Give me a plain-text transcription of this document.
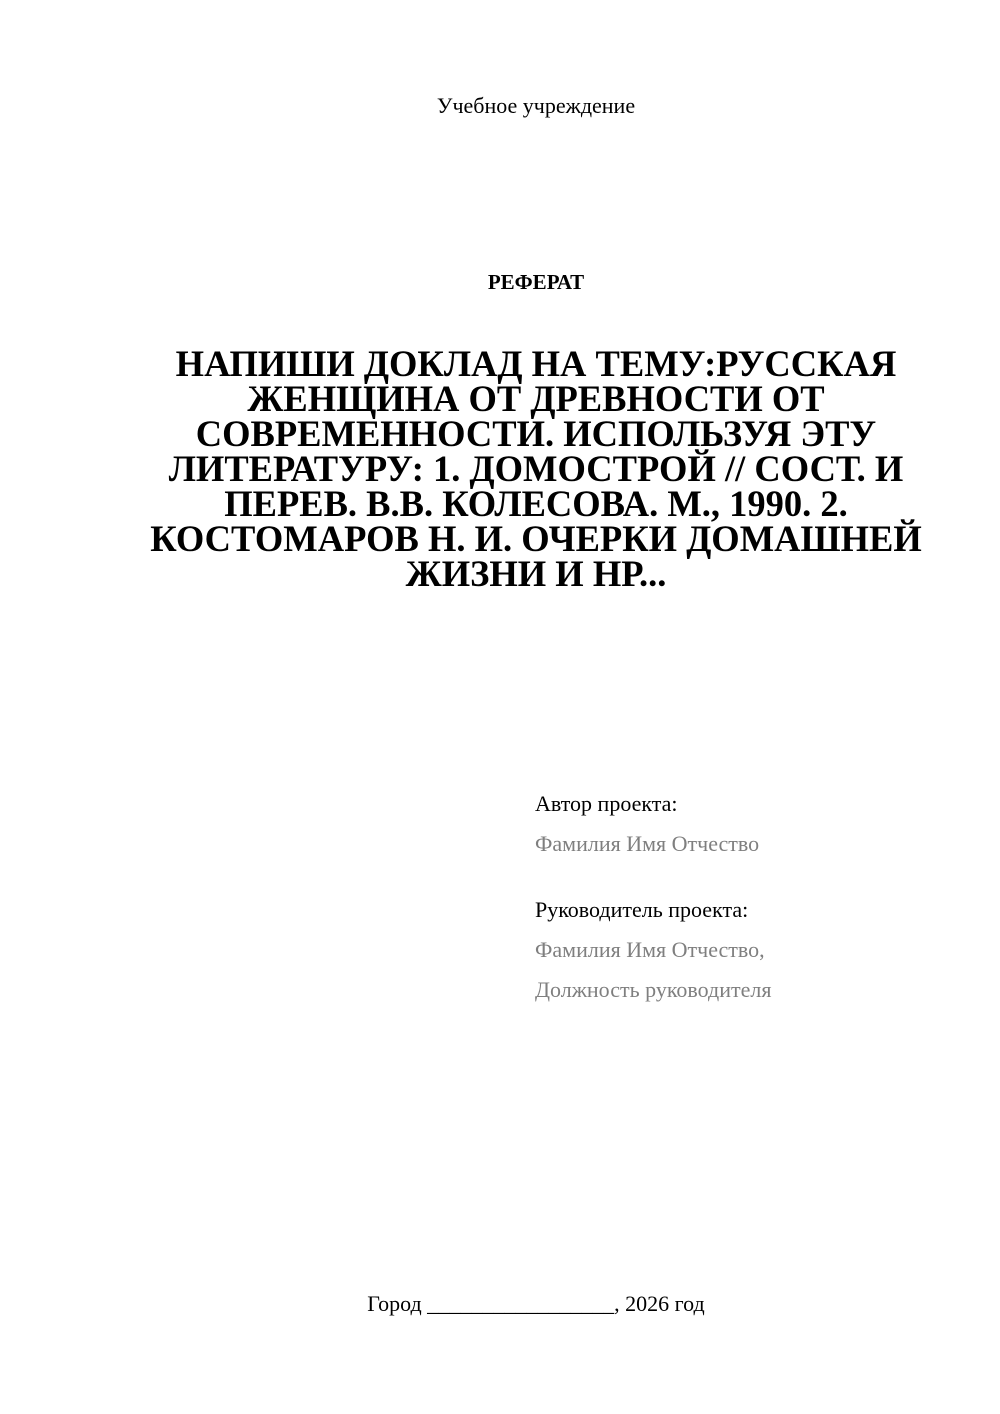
Учебное учреждение
РЕФЕРАТ
НАПИШИ ДОКЛАД НА ТЕМУ:РУССКАЯ ЖЕНЩИНА ОТ ДРЕВНОСТИ ОТ СОВРЕМЕННОСТИ. ИСПОЛЬЗУЯ ЭТУ ЛИТЕРАТУРУ: 1. ДОМОСТРОЙ // СОСТ. И ПЕРЕВ. В.В. КОЛЕСОВА. М., 1990. 2. КОСТОМАРОВ Н. И. ОЧЕРКИ ДОМАШНЕЙ ЖИЗНИ И НР...
Автор проекта:
Фамилия Имя Отчество
Руководитель проекта:
Фамилия Имя Отчество,
Должность руководителя
Город _________________, 2026 год
